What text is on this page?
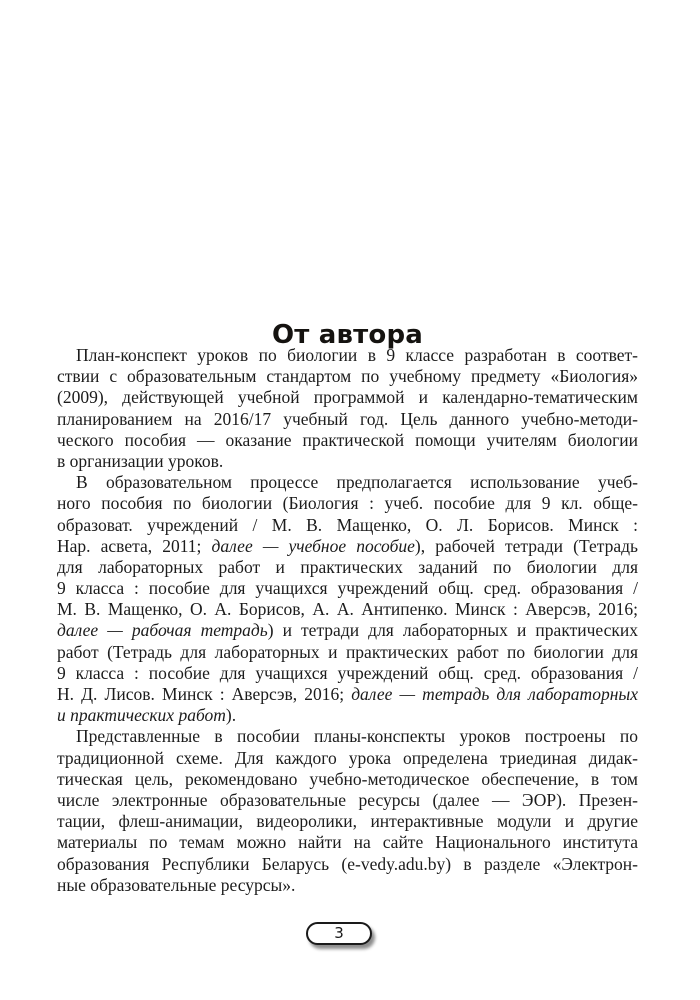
От автора
План-конспект уроков по биологии в 9 классе разработан в соответ-
ствии с образовательным стандартом по учебному предмету «Биология»
(2009), действующей учебной программой и календарно-тематическим
планированием на 2016/17 учебный год. Цель данного учебно-методи-
ческого пособия — оказание практической помощи учителям биологии
в организации уроков.
В образовательном процессе предполагается использование учеб-
ного пособия по биологии (Биология : учеб. пособие для 9 кл. обще-
образоват. учреждений / М. В. Мащенко, О. Л. Борисов. Минск :
Нар. асвета, 2011; далее — учебное пособие), рабочей тетради (Тетрадь
для лабораторных работ и практических заданий по биологии для
9 класса : пособие для учащихся учреждений общ. сред. образования /
М. В. Мащенко, О. А. Борисов, А. А. Антипенко. Минск : Аверсэв, 2016;
далее — рабочая тетрадь) и тетради для лабораторных и практических
работ (Тетрадь для лабораторных и практических работ по биологии для
9 класса : пособие для учащихся учреждений общ. сред. образования /
Н. Д. Лисов. Минск : Аверсэв, 2016; далее — тетрадь для лабораторных
и практических работ).
Представленные в пособии планы-конспекты уроков построены по
традиционной схеме. Для каждого урока определена триединая дидак-
тическая цель, рекомендовано учебно-методическое обеспечение, в том
числе электронные образовательные ресурсы (далее — ЭОР). Презен-
тации, флеш-анимации, видеоролики, интерактивные модули и другие
материалы по темам можно найти на сайте Национального института
образования Республики Беларусь (e-vedy.adu.by) в разделе «Электрон-
ные образовательные ресурсы».
3
